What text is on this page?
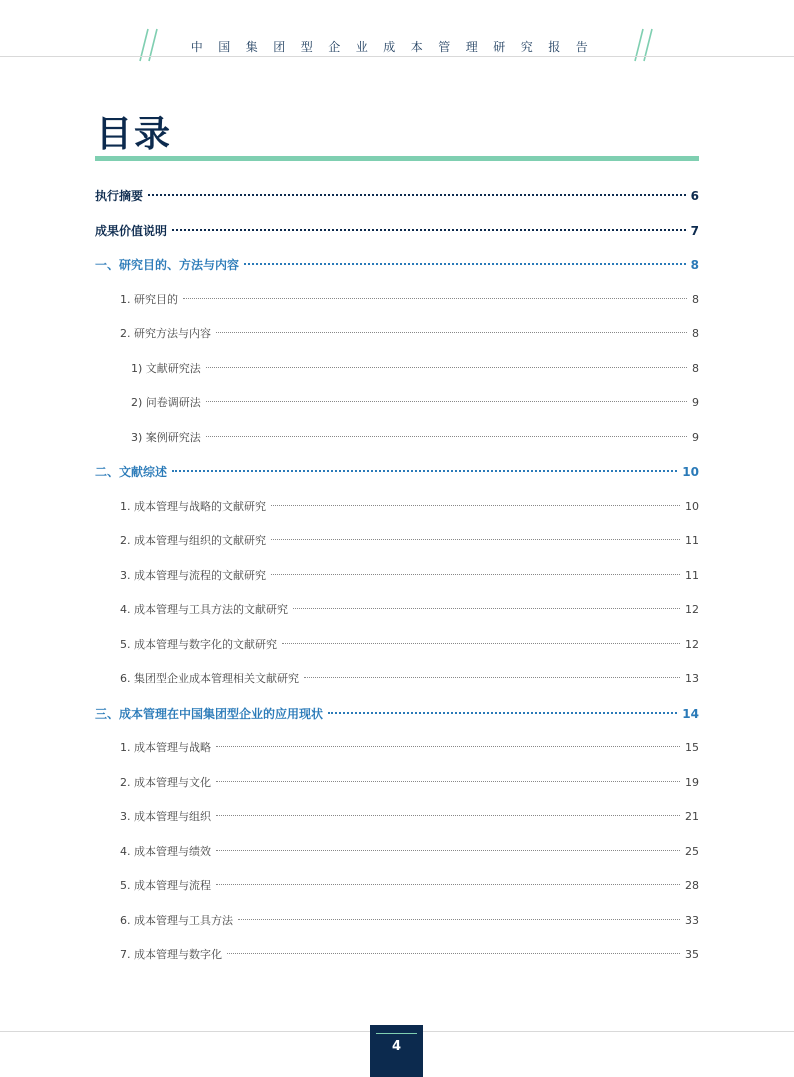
中国集团型企业成本管理研究报告
目录
执行摘要	6
成果价值说明	7
一、研究目的、方法与内容	8
1. 研究目的	8
2. 研究方法与内容	8
1) 文献研究法	8
2) 问卷调研法	9
3) 案例研究法	9
二、文献综述	10
1. 成本管理与战略的文献研究	10
2. 成本管理与组织的文献研究	11
3. 成本管理与流程的文献研究	11
4. 成本管理与工具方法的文献研究	12
5. 成本管理与数字化的文献研究	12
6. 集团型企业成本管理相关文献研究	13
三、成本管理在中国集团型企业的应用现状	14
1. 成本管理与战略	15
2. 成本管理与文化	19
3. 成本管理与组织	21
4. 成本管理与绩效	25
5. 成本管理与流程	28
6. 成本管理与工具方法	33
7. 成本管理与数字化	35
4
